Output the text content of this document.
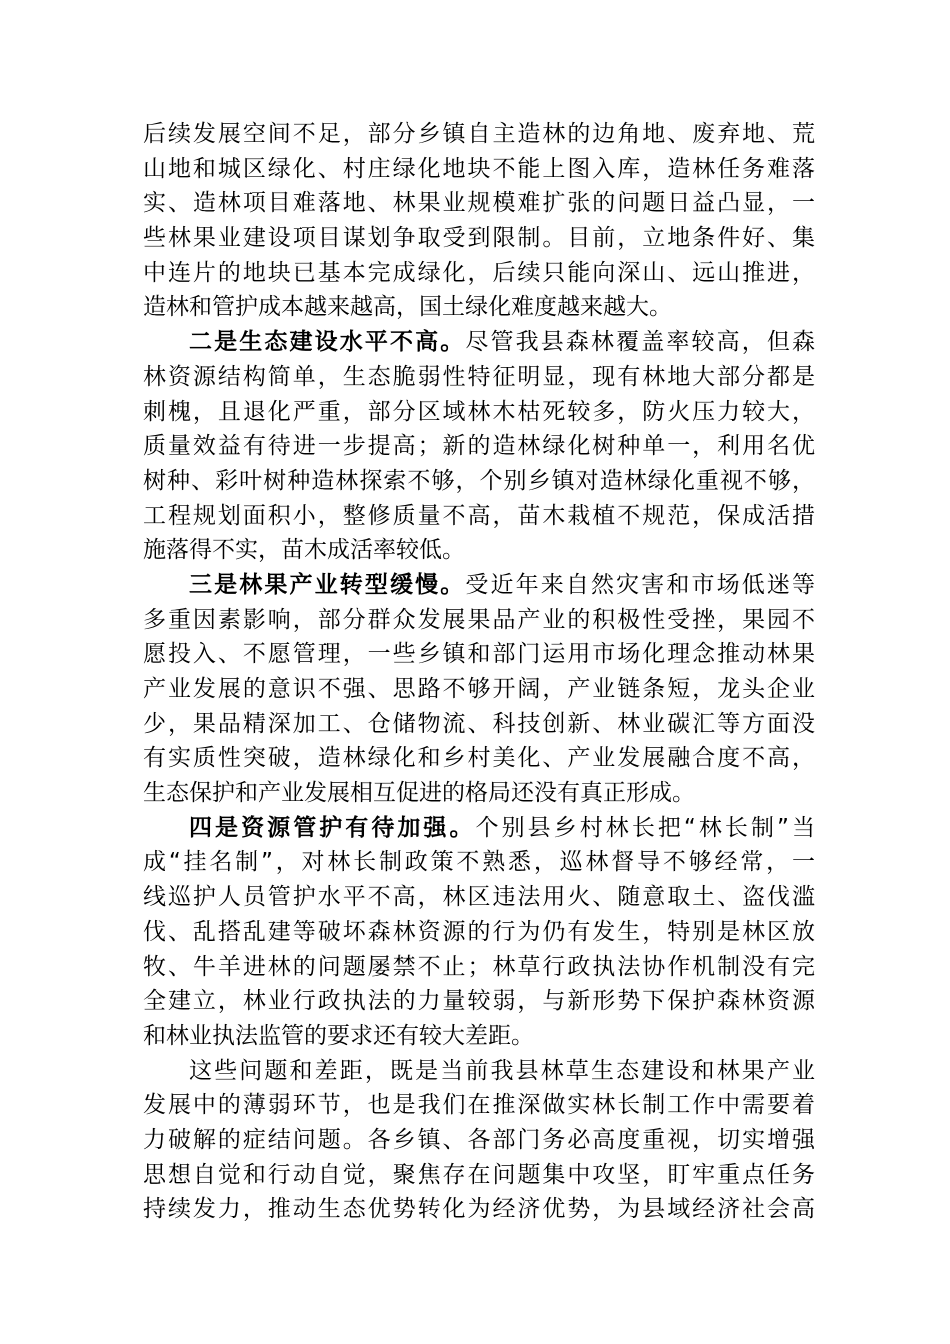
后续发展空间不足，部分乡镇自主造林的边角地、废弃地、荒
山地和城区绿化、村庄绿化地块不能上图入库，造林任务难落
实、造林项目难落地、林果业规模难扩张的问题日益凸显，一
些林果业建设项目谋划争取受到限制。目前，立地条件好、集
中连片的地块已基本完成绿化，后续只能向深山、远山推进，
造林和管护成本越来越高，国土绿化难度越来越大。
二是生态建设水平不高。尽管我县森林覆盖率较高，但森
林资源结构简单，生态脆弱性特征明显，现有林地大部分都是
刺槐，且退化严重，部分区域林木枯死较多，防火压力较大，
质量效益有待进一步提高；新的造林绿化树种单一，利用名优
树种、彩叶树种造林探索不够，个别乡镇对造林绿化重视不够，
工程规划面积小，整修质量不高，苗木栽植不规范，保成活措
施落得不实，苗木成活率较低。
三是林果产业转型缓慢。受近年来自然灾害和市场低迷等
多重因素影响，部分群众发展果品产业的积极性受挫，果园不
愿投入、不愿管理，一些乡镇和部门运用市场化理念推动林果
产业发展的意识不强、思路不够开阔，产业链条短，龙头企业
少，果品精深加工、仓储物流、科技创新、林业碳汇等方面没
有实质性突破，造林绿化和乡村美化、产业发展融合度不高，
生态保护和产业发展相互促进的格局还没有真正形成。
四是资源管护有待加强。个别县乡村林长把“林长制”当
成“挂名制”，对林长制政策不熟悉，巡林督导不够经常，一
线巡护人员管护水平不高，林区违法用火、随意取土、盗伐滥
伐、乱搭乱建等破坏森林资源的行为仍有发生，特别是林区放
牧、牛羊进林的问题屡禁不止；林草行政执法协作机制没有完
全建立，林业行政执法的力量较弱，与新形势下保护森林资源
和林业执法监管的要求还有较大差距。
这些问题和差距，既是当前我县林草生态建设和林果产业
发展中的薄弱环节，也是我们在推深做实林长制工作中需要着
力破解的症结问题。各乡镇、各部门务必高度重视，切实增强
思想自觉和行动自觉，聚焦存在问题集中攻坚，盯牢重点任务
持续发力，推动生态优势转化为经济优势，为县域经济社会高
